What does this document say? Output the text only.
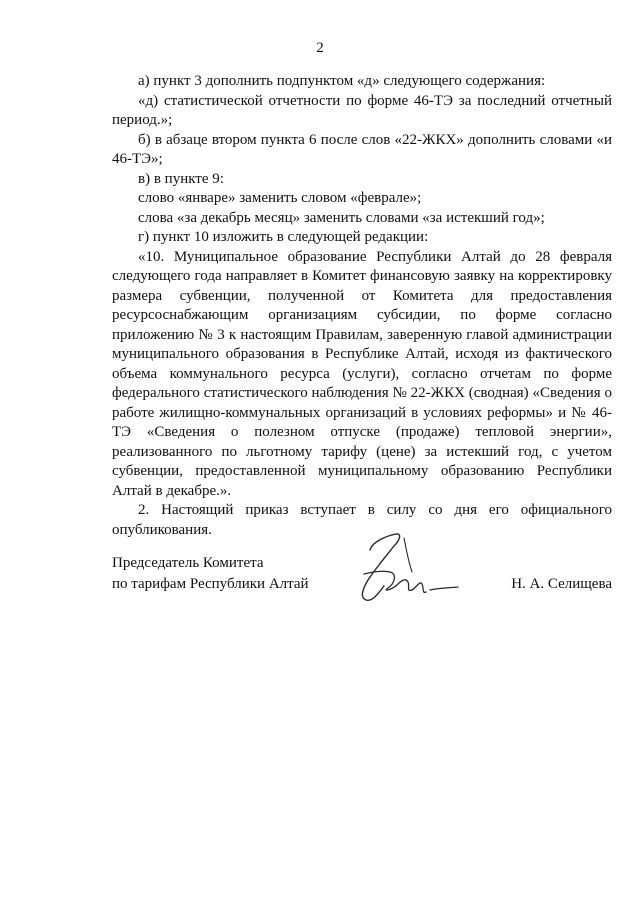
2

а) пункт 3 дополнить подпунктом «д» следующего содержания:

«д) статистической отчетности по форме 46-ТЭ за последний отчетный период.»;

б) в абзаце втором пункта 6 после слов «22-ЖКХ» дополнить словами «и 46-ТЭ»;

в) в пункте 9:

слово «январе» заменить словом «феврале»;

слова «за декабрь месяц» заменить словами «за истекший год»;

г) пункт 10 изложить в следующей редакции:

«10. Муниципальное образование Республики Алтай до 28 февраля следующего года направляет в Комитет финансовую заявку на корректировку размера субвенции, полученной от Комитета для предоставления ресурсоснабжающим организациям субсидии, по форме согласно приложению № 3 к настоящим Правилам, заверенную главой администрации муниципального образования в Республике Алтай, исходя из фактического объема коммунального ресурса (услуги), согласно отчетам по форме федерального статистического наблюдения № 22-ЖКХ (сводная) «Сведения о работе жилищно-коммунальных организаций в условиях реформы» и № 46-ТЭ «Сведения о полезном отпуске (продаже) тепловой энергии», реализованного по льготному тарифу (цене) за истекший год, с учетом субвенции, предоставленной муниципальному образованию Республики Алтай в декабре.».

2. Настоящий приказ вступает в силу со дня его официального опубликования.

Председатель Комитета
по тарифам Республики Алтай	Н. А. Селищева
